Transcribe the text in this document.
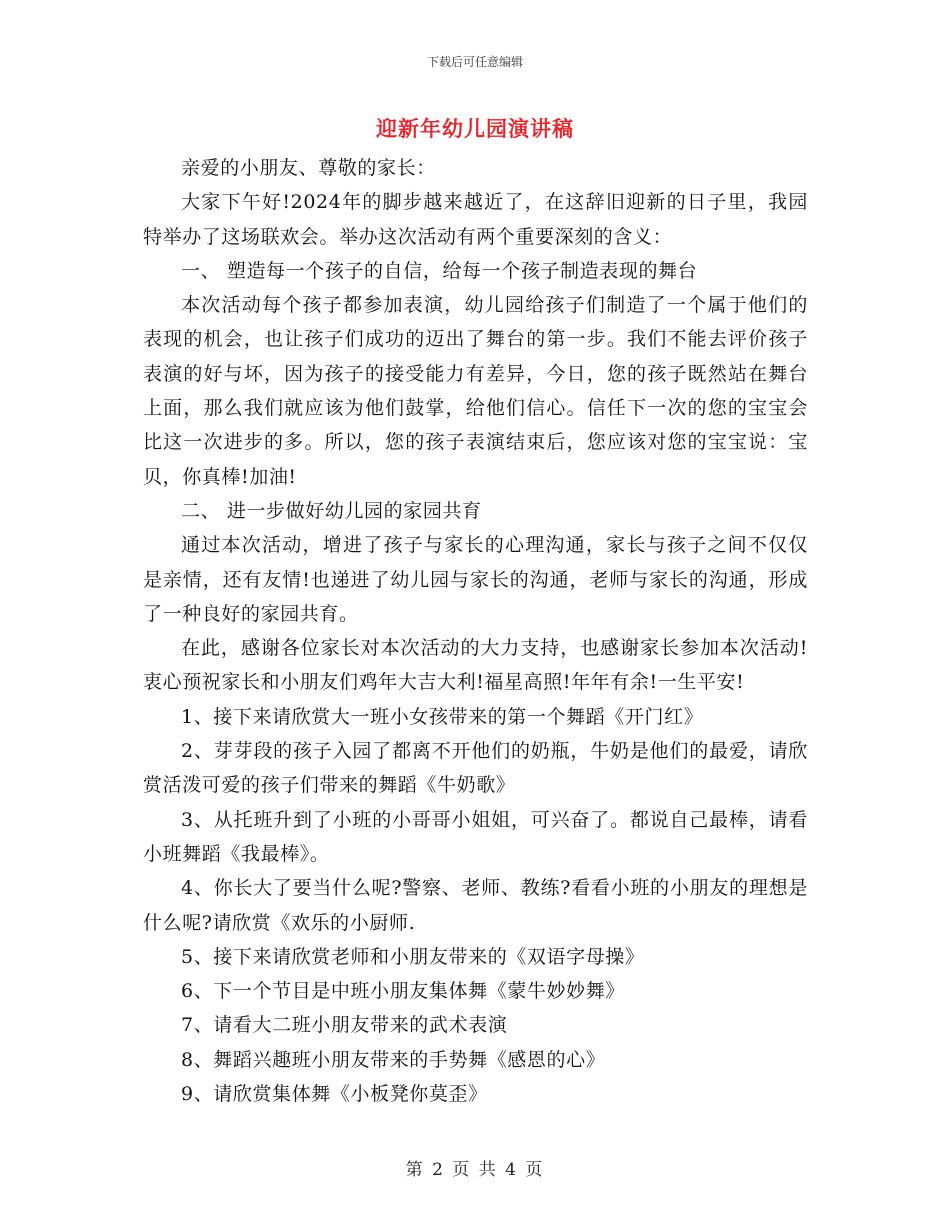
下载后可任意编辑
迎新年幼儿园演讲稿

亲爱的小朋友、尊敬的家长：

大家下午好!2024年的脚步越来越近了，在这辞旧迎新的日子里，我园特举办了这场联欢会。举办这次活动有两个重要深刻的含义：

一、 塑造每一个孩子的自信，给每一个孩子制造表现的舞台

本次活动每个孩子都参加表演，幼儿园给孩子们制造了一个属于他们的表现的机会，也让孩子们成功的迈出了舞台的第一步。我们不能去评价孩子表演的好与坏，因为孩子的接受能力有差异，今日，您的孩子既然站在舞台上面，那么我们就应该为他们鼓掌，给他们信心。信任下一次的您的宝宝会比这一次进步的多。所以，您的孩子表演结束后，您应该对您的宝宝说：宝贝，你真棒!加油!

二、 进一步做好幼儿园的家园共育

通过本次活动，增进了孩子与家长的心理沟通，家长与孩子之间不仅仅是亲情，还有友情!也递进了幼儿园与家长的沟通，老师与家长的沟通，形成了一种良好的家园共育。

在此，感谢各位家长对本次活动的大力支持，也感谢家长参加本次活动!衷心预祝家长和小朋友们鸡年大吉大利!福星高照!年年有余!一生平安!

1、接下来请欣赏大一班小女孩带来的第一个舞蹈《开门红》

2、芽芽段的孩子入园了都离不开他们的奶瓶，牛奶是他们的最爱，请欣赏活泼可爱的孩子们带来的舞蹈《牛奶歌》

3、从托班升到了小班的小哥哥小姐姐，可兴奋了。都说自己最棒，请看小班舞蹈《我最棒》。

4、你长大了要当什么呢?警察、老师、教练?看看小班的小朋友的理想是什么呢?请欣赏《欢乐的小厨师.

5、接下来请欣赏老师和小朋友带来的《双语字母操》

6、下一个节目是中班小朋友集体舞《蒙牛妙妙舞》

7、请看大二班小朋友带来的武术表演

8、舞蹈兴趣班小朋友带来的手势舞《感恩的心》

9、请欣赏集体舞《小板凳你莫歪》

第 2 页 共 4 页
